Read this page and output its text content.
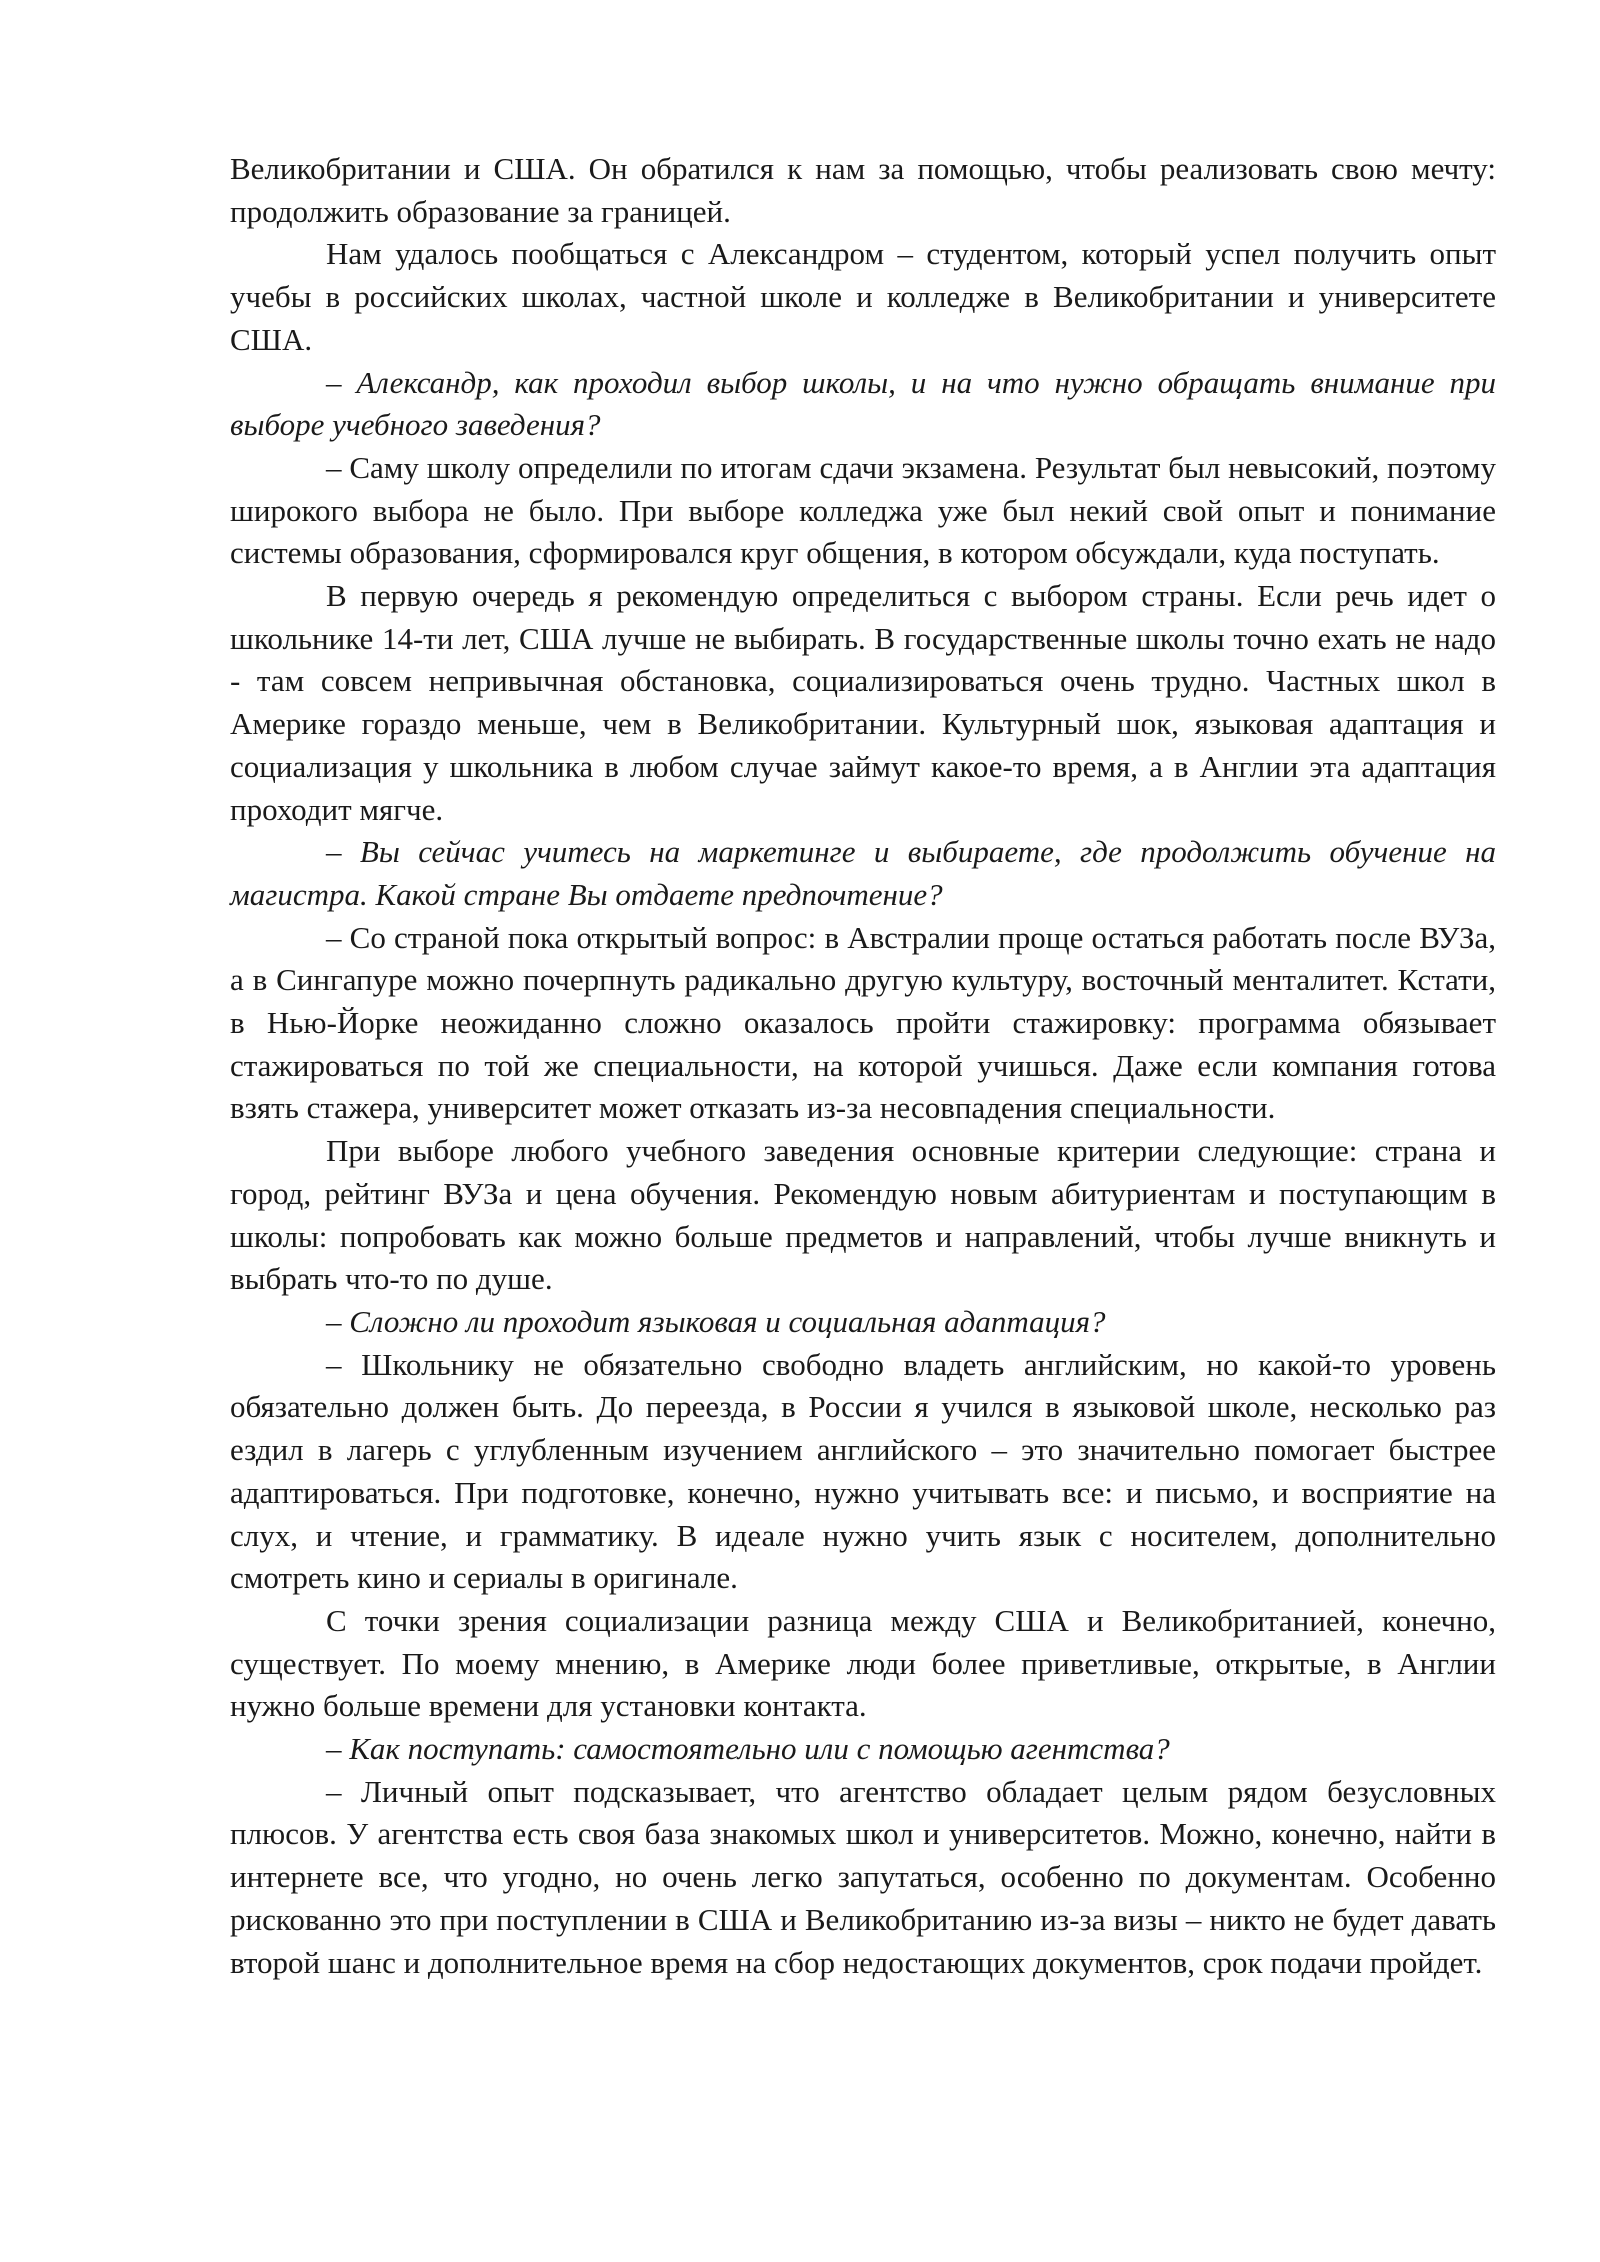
Великобритании и США. Он обратился к нам за помощью, чтобы реализовать свою мечту: продолжить образование за границей.

Нам удалось пообщаться с Александром – студентом, который успел получить опыт учебы в российских школах, частной школе и колледже в Великобритании и университете США.

– Александр, как проходил выбор школы, и на что нужно обращать внимание при выборе учебного заведения?

– Саму школу определили по итогам сдачи экзамена. Результат был невысокий, поэтому широкого выбора не было. При выборе колледжа уже был некий свой опыт и понимание системы образования, сформировался круг общения, в котором обсуждали, куда поступать.

В первую очередь я рекомендую определиться с выбором страны. Если речь идет о школьнике 14-ти лет, США лучше не выбирать. В государственные школы точно ехать не надо - там совсем непривычная обстановка, социализироваться очень трудно. Частных школ в Америке гораздо меньше, чем в Великобритании. Культурный шок, языковая адаптация и социализация у школьника в любом случае займут какое-то время, а в Англии эта адаптация проходит мягче.

– Вы сейчас учитесь на маркетинге и выбираете, где продолжить обучение на магистра. Какой стране Вы отдаете предпочтение?

– Со страной пока открытый вопрос: в Австралии проще остаться работать после ВУЗа, а в Сингапуре можно почерпнуть радикально другую культуру, восточный менталитет. Кстати, в Нью-Йорке неожиданно сложно оказалось пройти стажировку: программа обязывает стажироваться по той же специальности, на которой учишься. Даже если компания готова взять стажера, университет может отказать из-за несовпадения специальности.

При выборе любого учебного заведения основные критерии следующие: страна и город, рейтинг ВУЗа и цена обучения. Рекомендую новым абитуриентам и поступающим в школы: попробовать как можно больше предметов и направлений, чтобы лучше вникнуть и выбрать что-то по душе.

– Сложно ли проходит языковая и социальная адаптация?

– Школьнику не обязательно свободно владеть английским, но какой-то уровень обязательно должен быть. До переезда, в России я учился в языковой школе, несколько раз ездил в лагерь с углубленным изучением английского – это значительно помогает быстрее адаптироваться. При подготовке, конечно, нужно учитывать все: и письмо, и восприятие на слух, и чтение, и грамматику. В идеале нужно учить язык с носителем, дополнительно смотреть кино и сериалы в оригинале.

С точки зрения социализации разница между США и Великобританией, конечно, существует. По моему мнению, в Америке люди более приветливые, открытые, в Англии нужно больше времени для установки контакта.

– Как поступать: самостоятельно или с помощью агентства?

– Личный опыт подсказывает, что агентство обладает целым рядом безусловных плюсов. У агентства есть своя база знакомых школ и университетов. Можно, конечно, найти в интернете все, что угодно, но очень легко запутаться, особенно по документам. Особенно рискованно это при поступлении в США и Великобританию из-за визы – никто не будет давать второй шанс и дополнительное время на сбор недостающих документов, срок подачи пройдет.
